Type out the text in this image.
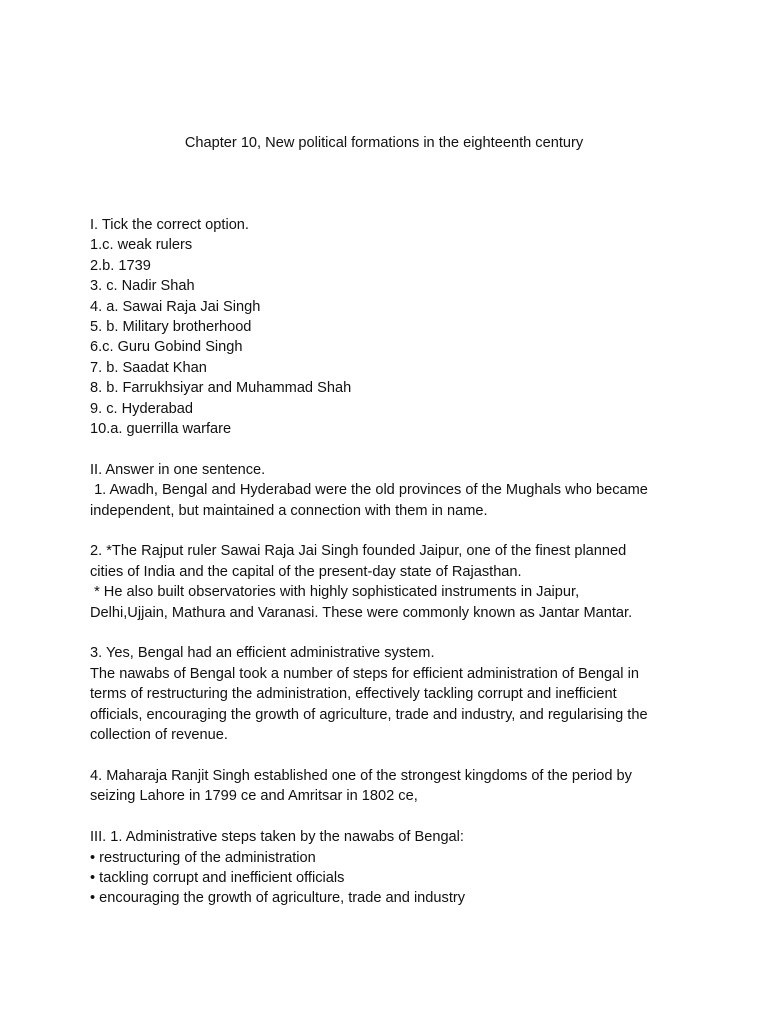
Chapter 10, New political formations in the eighteenth century
I. Tick the correct option.
1.c. weak rulers
2.b. 1739
3. c. Nadir Shah
4. a. Sawai Raja Jai Singh
5. b. Military brotherhood
6.c. Guru Gobind Singh
7. b. Saadat Khan
8. b. Farrukhsiyar and Muhammad Shah
9. c. Hyderabad
10.a. guerrilla warfare
II. Answer in one sentence.
1. Awadh, Bengal and Hyderabad were the old provinces of the Mughals who became
independent, but maintained a connection with them in name.
2. *The Rajput ruler Sawai Raja Jai Singh founded Jaipur, one of the finest planned
cities of India and the capital of the present-day state of Rajasthan.
* He also built observatories with highly sophisticated instruments in Jaipur,
Delhi,Ujjain, Mathura and Varanasi. These were commonly known as Jantar Mantar.
3. Yes, Bengal had an efficient administrative system.
The nawabs of Bengal took a number of steps for efficient administration of Bengal in
terms of restructuring the administration, effectively tackling corrupt and inefficient
officials, encouraging the growth of agriculture, trade and industry, and regularising the
collection of revenue.
4. Maharaja Ranjit Singh established one of the strongest kingdoms of the period by
seizing Lahore in 1799 ce and Amritsar in 1802 ce,
III. 1. Administrative steps taken by the nawabs of Bengal:
• restructuring of the administration
• tackling corrupt and inefficient officials
• encouraging the growth of agriculture, trade and industry
